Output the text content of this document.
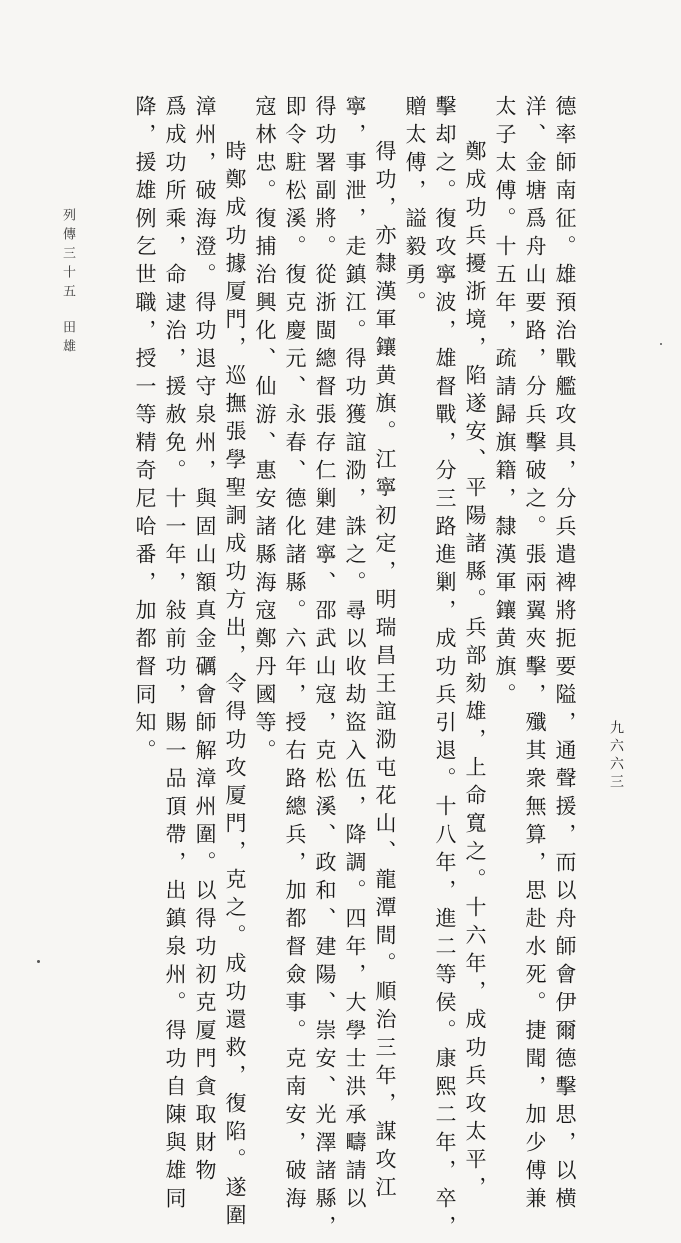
德率師南征。雄預治戰艦攻具，分兵遣裨將扼要隘，通聲援，而以舟師會伊爾德擊思，以横
洋、金塘爲舟山要路，分兵擊破之。張兩翼夾擊，殲其衆無算，思赴水死。捷聞，加少傅兼
太子太傅。十五年，疏請歸旗籍，隸漢軍鑲黄旗。
鄭成功兵擾浙境，陷遂安、平陽諸縣。兵部劾雄，上命寬之。十六年，成功兵攻太平，
擊却之。復攻寧波，雄督戰，分三路進剿，成功兵引退。十八年，進二等侯。康熙二年，卒，
贈太傅，謚毅勇。
得功，亦隸漢軍鑲黄旗。江寧初定，明瑞昌王誼泐屯花山、龍潭間。順治三年，謀攻江
寧，事泄，走鎮江。得功獲誼泐，誅之。尋以收劫盜入伍，降調。四年，大學士洪承疇請以
得功署副將。從浙閩總督張存仁剿建寧、邵武山寇，克松溪、政和、建陽、崇安、光澤諸縣，
即令駐松溪。復克慶元、永春、德化諸縣。六年，授右路總兵，加都督僉事。克南安，破海
寇林忠。復捕治興化、仙游、惠安諸縣海寇鄭丹國等。
時鄭成功據厦門，巡撫張學聖詗成功方出，令得功攻厦門，克之。成功還救，復陷。遂圍
漳州，破海澄。得功退守泉州，與固山額真金礪會師解漳州圍。以得功初克厦門貪取財物
爲成功所乘，命逮治，援赦免。十一年，敍前功，賜一品頂帶，出鎮泉州。得功自陳與雄同
降，援雄例乞世職，授一等精奇尼哈番，加都督同知。
列傳三十五
田雄
九六六三
